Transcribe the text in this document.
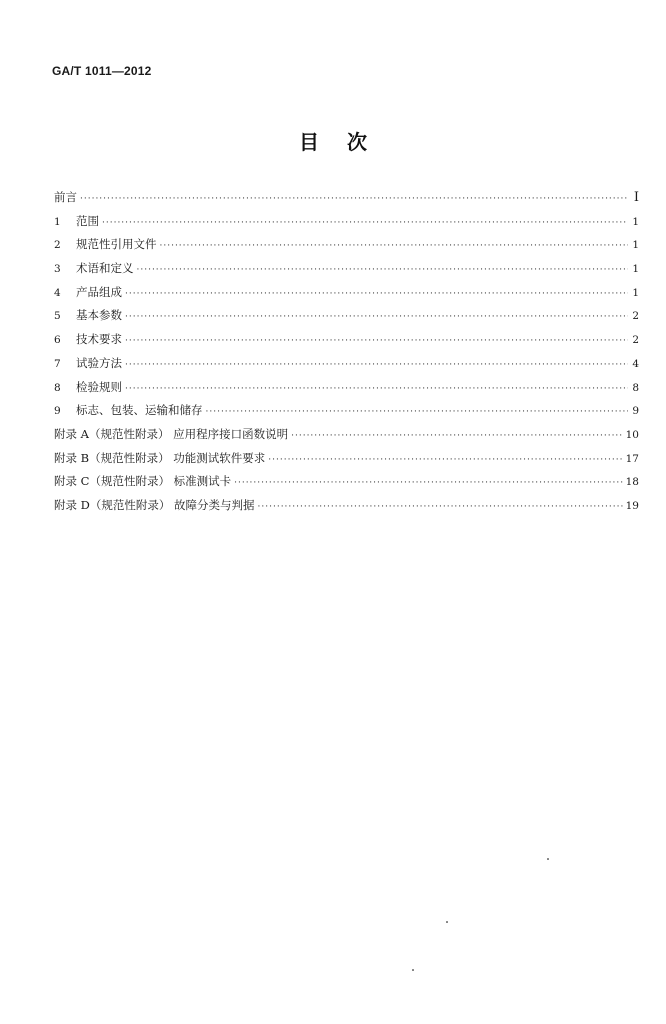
GA/T 1011—2012
目次
前言 ·····	I
1	范围 ·····	1
2	规范性引用文件 ·····	1
3	术语和定义 ·····	1
4	产品组成 ·····	1
5	基本参数 ·····	2
6	技术要求 ·····	2
7	试验方法 ·····	4
8	检验规则 ·····	8
9	标志、包装、运输和储存 ·····	9
附录 A（规范性附录） 应用程序接口函数说明 ·····	10
附录 B（规范性附录） 功能测试软件要求 ·····	17
附录 C（规范性附录） 标准测试卡 ·····	18
附录 D（规范性附录） 故障分类与判据 ·····	19
